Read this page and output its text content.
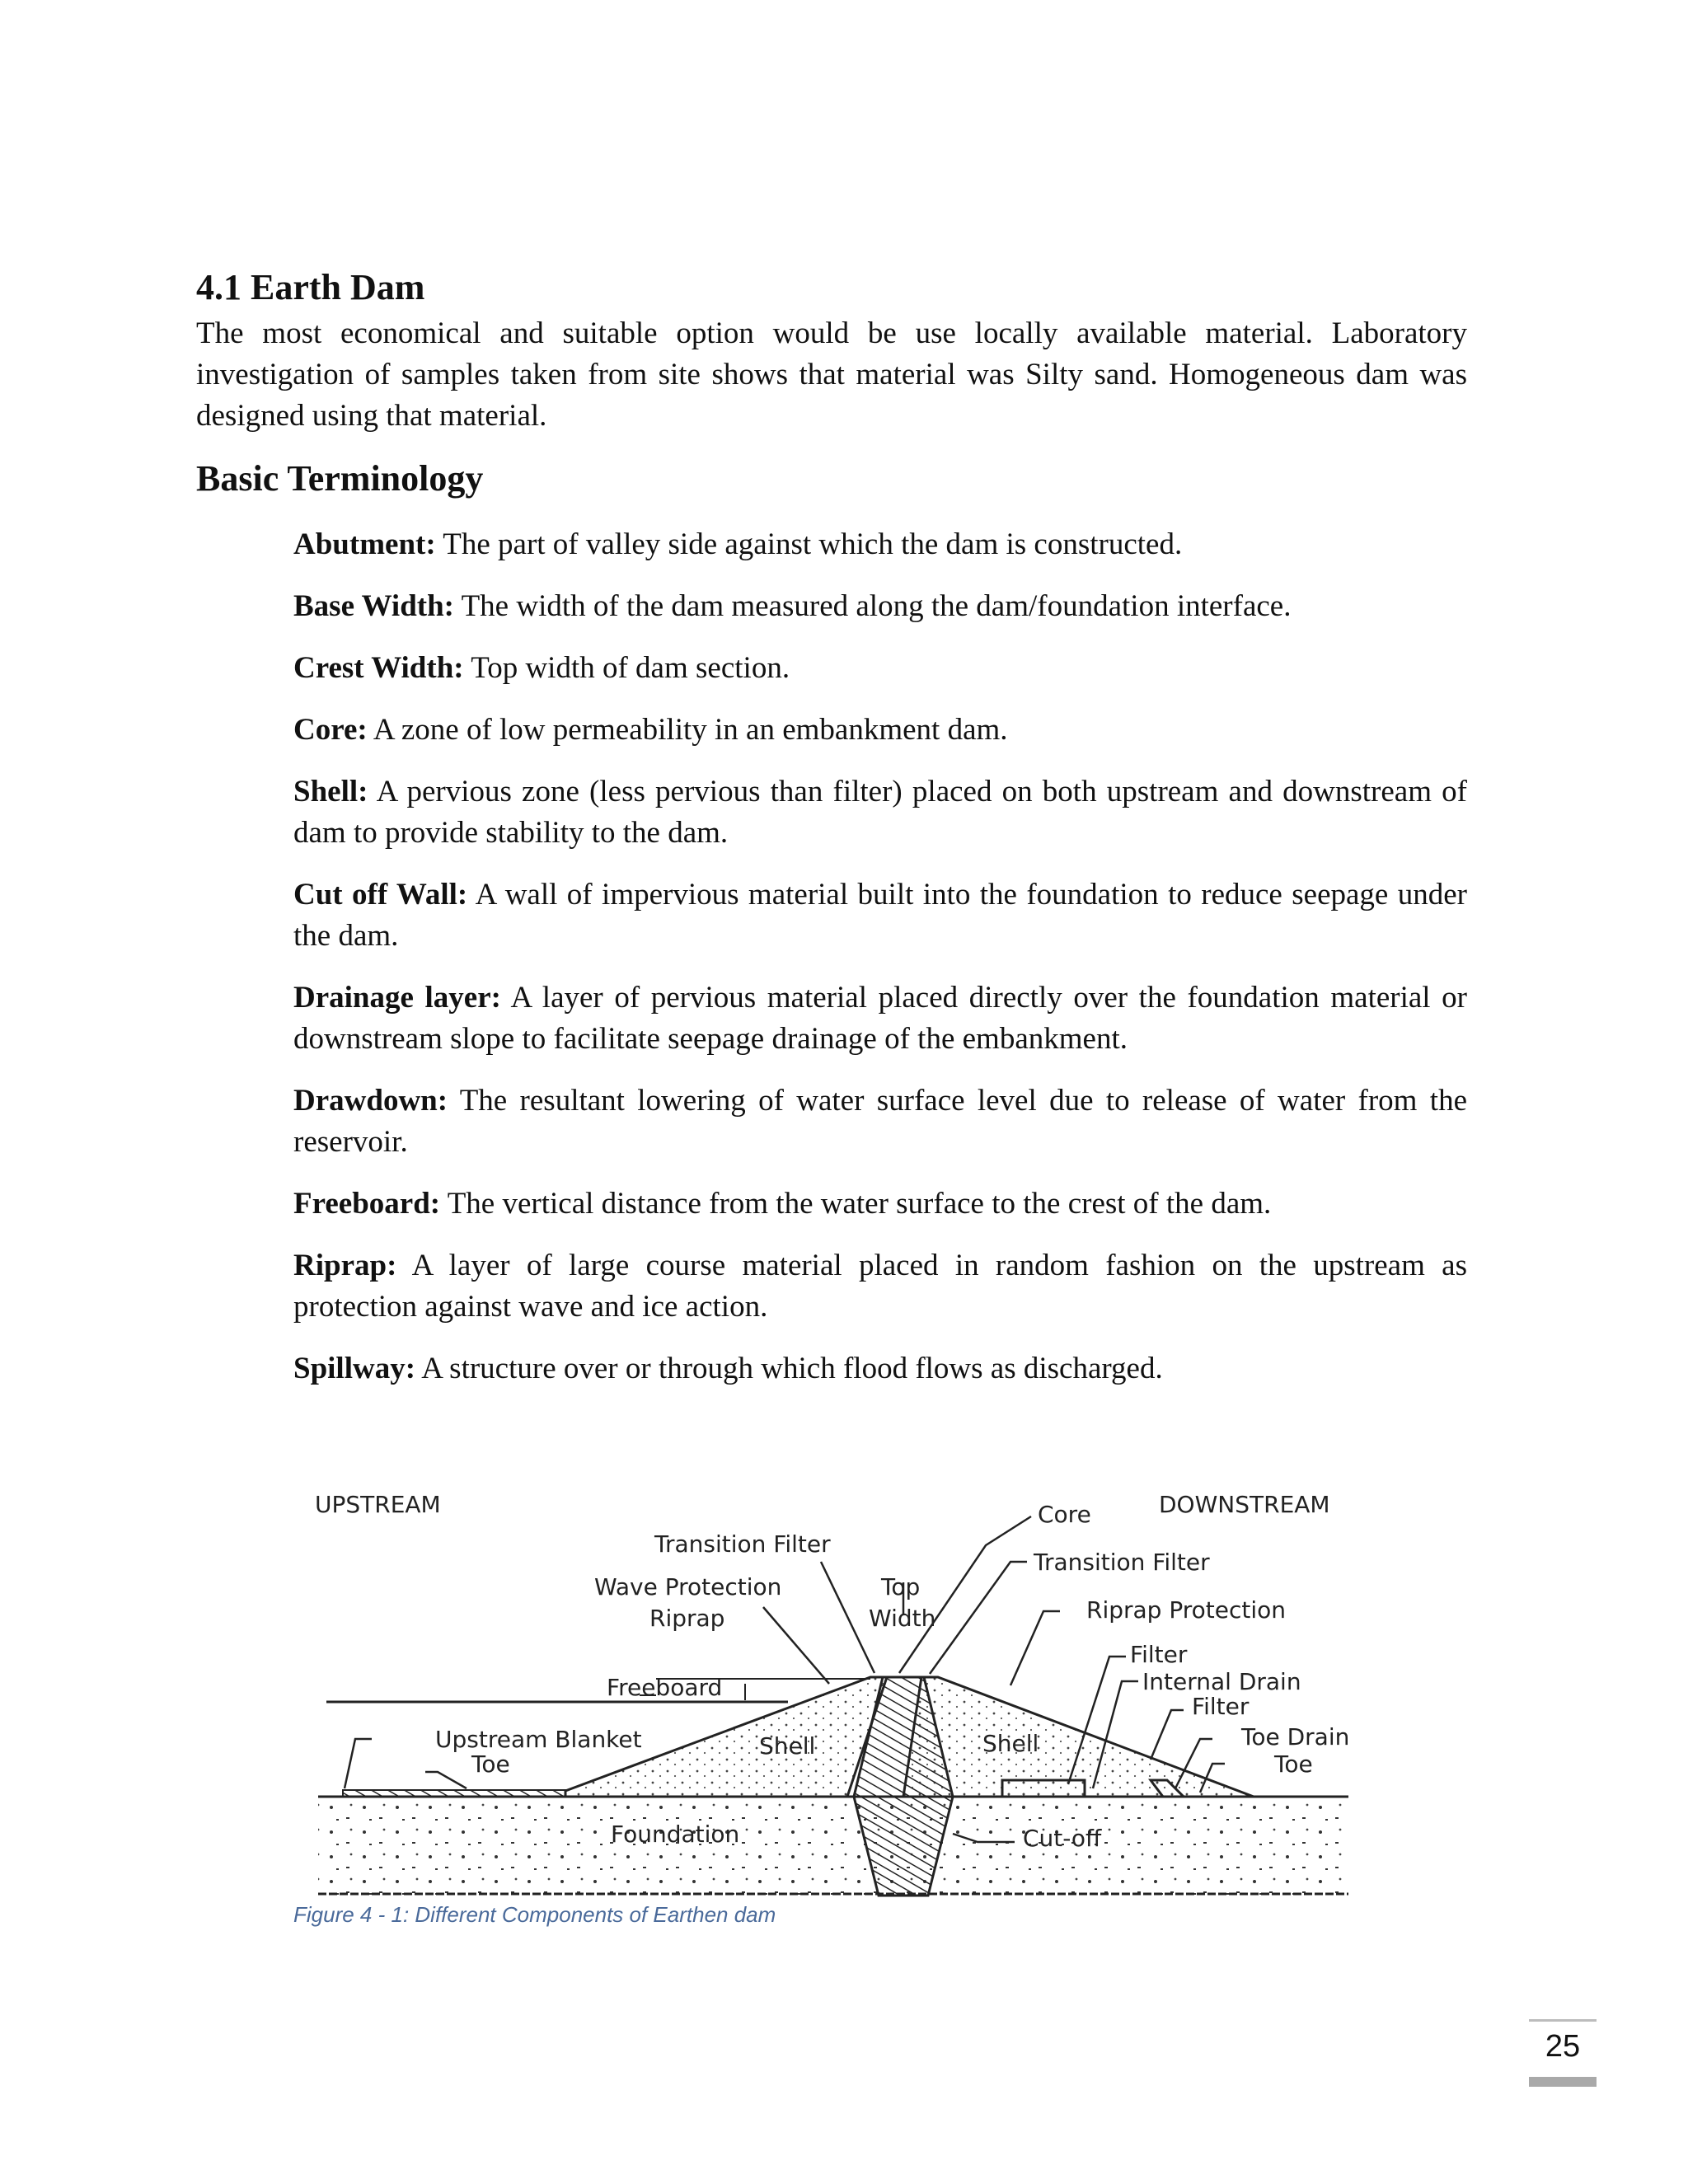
4.1 Earth Dam

The most economical and suitable option would be use locally available material. Laboratory investigation of samples taken from site shows that material was Silty sand. Homogeneous dam was designed using that material.

Basic Terminology
Abutment: The part of valley side against which the dam is constructed.
Base Width: The width of the dam measured along the dam/foundation interface.
Crest Width: Top width of dam section.
Core: A zone of low permeability in an embankment dam.
Shell: A pervious zone (less pervious than filter) placed on both upstream and downstream of dam to provide stability to the dam.
Cut off Wall: A wall of impervious material built into the foundation to reduce seepage under the dam.
Drainage layer: A layer of pervious material placed directly over the foundation material or downstream slope to facilitate seepage drainage of the embankment.
Drawdown: The resultant lowering of water surface level due to release of water from the reservoir.
Freeboard: The vertical distance from the water surface to the crest of the dam.
Riprap: A layer of large course material placed in random fashion on the upstream as protection against wave and ice action.
Spillway: A structure over or through which flood flows as discharged.
UPSTREAM	DOWNSTREAM
Transition Filter
Wave Protection
Riprap
Top
Width
Core
Transition Filter
Riprap Protection
Freeboard
Upstream Blanket
Toe
Shell	Shell
Filter
Internal Drain
Filter
Toe Drain
Toe
Foundation	Cut-off

Figure 4 - 1: Different Components of Earthen dam

25
